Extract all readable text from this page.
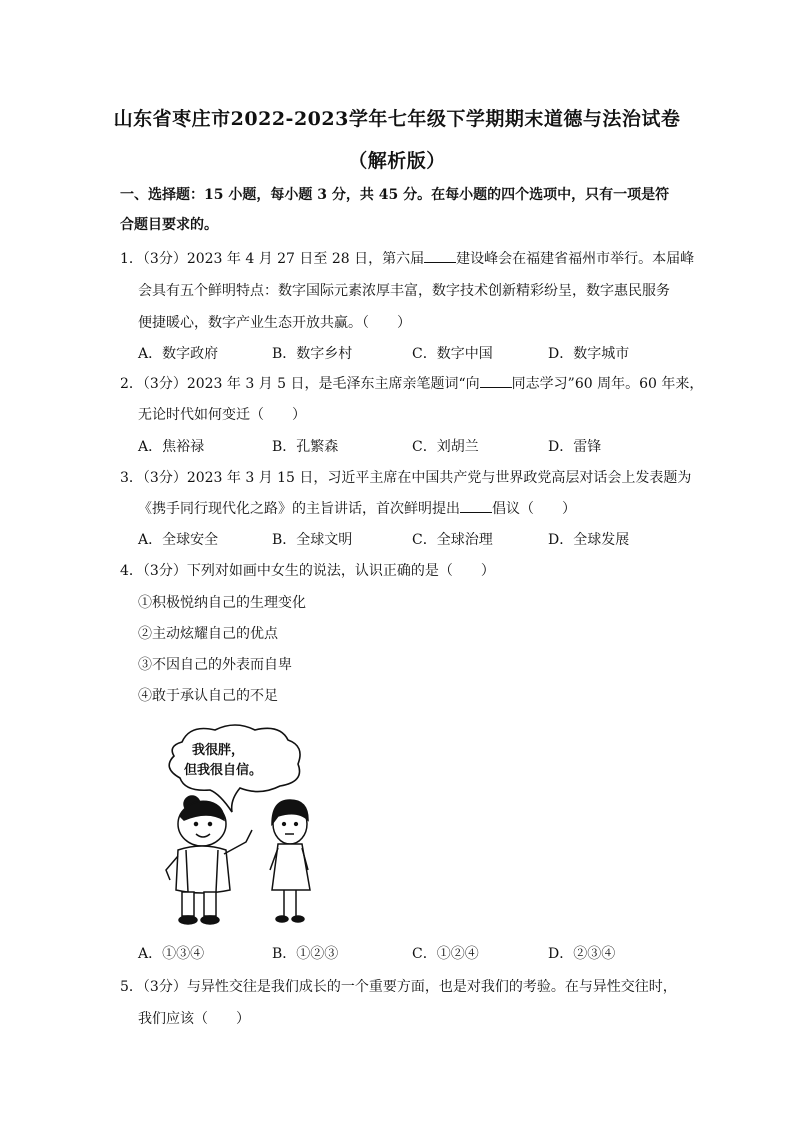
山东省枣庄市2022-2023学年七年级下学期期末道德与法治试卷
（解析版）
一、选择题：15 小题，每小题 3 分，共 45 分。在每小题的四个选项中，只有一项是符合题目要求的。
1．（3分）2023 年 4 月 27 日至 28 日，第六届 建设峰会在福建省福州市举行。本届峰
会具有五个鲜明特点：数字国际元素浓厚丰富，数字技术创新精彩纷呈，数字惠民服务
便捷暖心，数字产业生态开放共赢。（　　）
A．数字政府	B．数字乡村	C．数字中国	D．数字城市
2．（3分）2023 年 3 月 5 日，是毛泽东主席亲笔题词“向 同志学习”60 周年。60 年来，
无论时代如何变迁（　　）
A．焦裕禄	B．孔繁森	C．刘胡兰	D．雷锋
3．（3分）2023 年 3 月 15 日，习近平主席在中国共产党与世界政党高层对话会上发表题为
《携手同行现代化之路》的主旨讲话，首次鲜明提出 倡议（　　）
A．全球安全	B．全球文明	C．全球治理	D．全球发展
4．（3分）下列对如画中女生的说法，认识正确的是（　　）
①积极悦纳自己的生理变化
②主动炫耀自己的优点
③不因自己的外表而自卑
④敢于承认自己的不足
我很胖，
但我很自信。
A．①③④	B．①②③	C．①②④	D．②③④
5．（3分）与异性交往是我们成长的一个重要方面，也是对我们的考验。在与异性交往时，
我们应该（　　）
